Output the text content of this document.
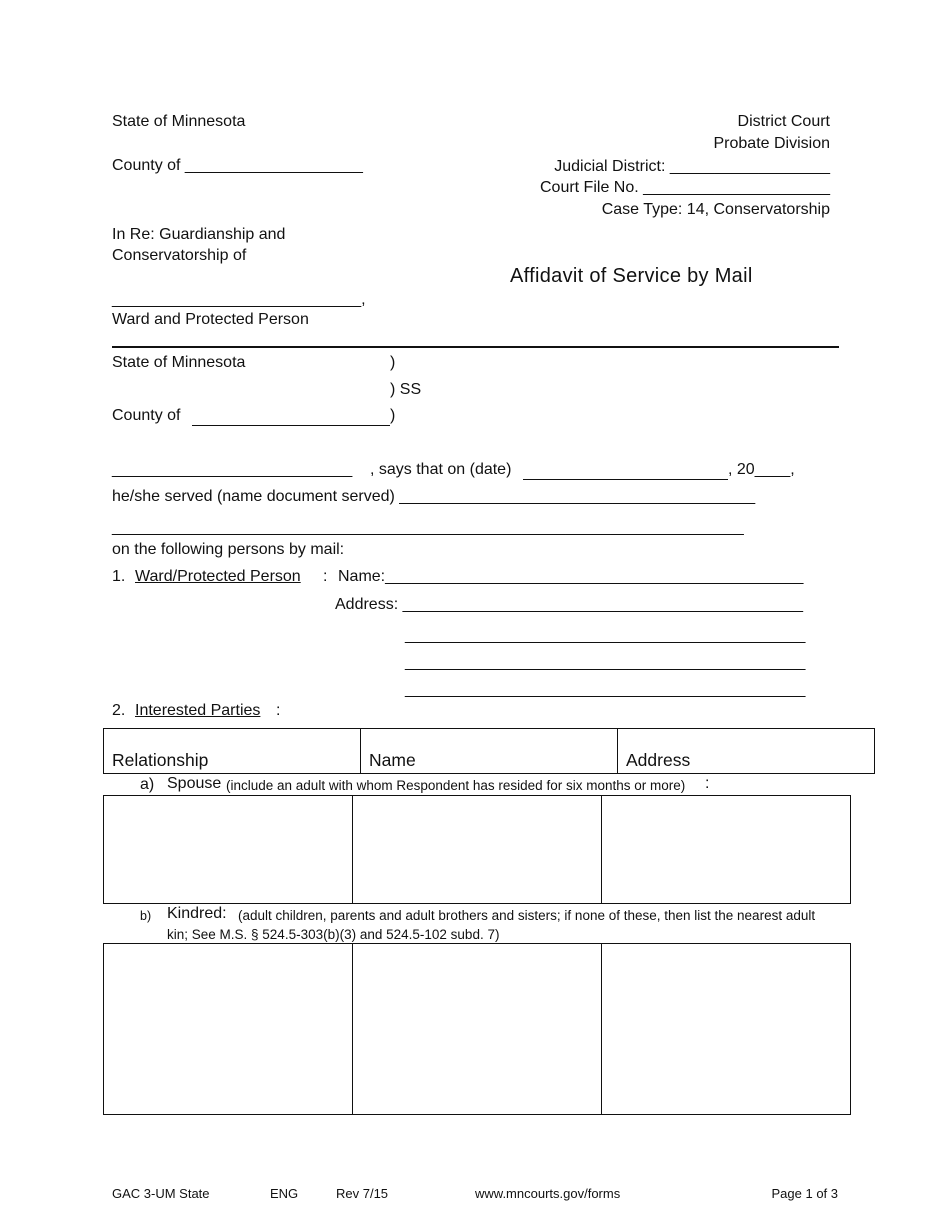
State of Minnesota
County of ____________________
District Court
Probate Division
Judicial District: __________________
Court File No. _____________________
Case Type: 14, Conservatorship
In Re: Guardianship and
Conservatorship of
Affidavit of Service by Mail
____________________________,
Ward and Protected Person
State of Minnesota	)
) SS
County of	)
___________________________ , says that on (date)	, 20____,
he/she served (name document served) ________________________________________
_______________________________________________________________________
on the following persons by mail:
1. Ward/Protected Person : Name:_______________________________________________
Address: _____________________________________________
_____________________________________________
_____________________________________________
_____________________________________________
2. Interested Parties :
Relationship	Name	Address
a) Spouse (include an adult with whom Respondent has resided for six months or more) :

b) Kindred: (adult children, parents and adult brothers and sisters; if none of these, then list the nearest adult
kin; See M.S. § 524.5-303(b)(3) and 524.5-102 subd. 7)

GAC 3-UM State	ENG	Rev 7/15	www.mncourts.gov/forms	Page 1 of 3
